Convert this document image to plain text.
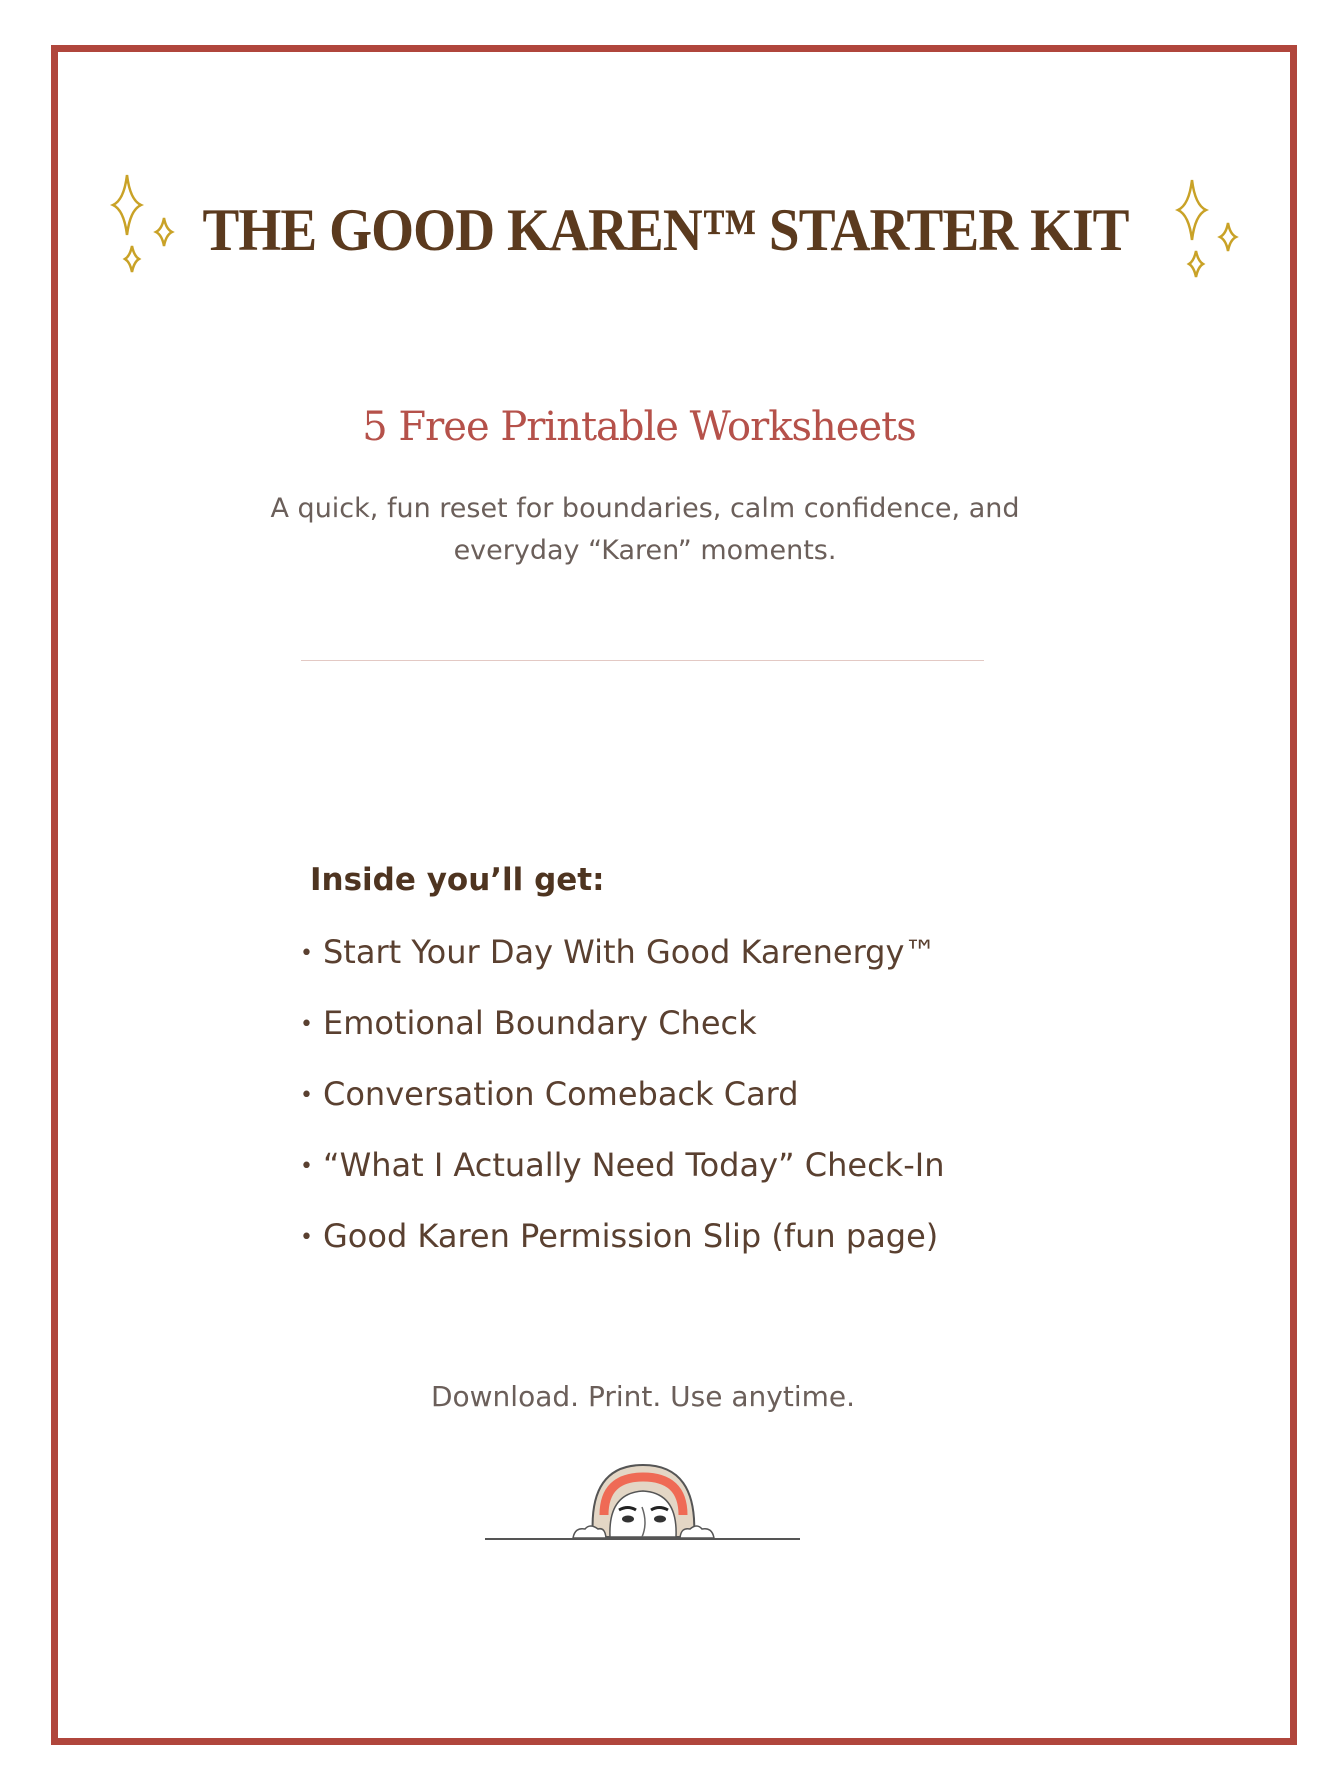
THE GOOD KAREN™ STARTER KIT
5 Free Printable Worksheets
A quick, fun reset for boundaries, calm confidence, and
everyday “Karen” moments.
Inside you’ll get:
• Start Your Day With Good Karenergy™
• Emotional Boundary Check
• Conversation Comeback Card
• “What I Actually Need Today” Check-In
• Good Karen Permission Slip (fun page)
Download. Print. Use anytime.
